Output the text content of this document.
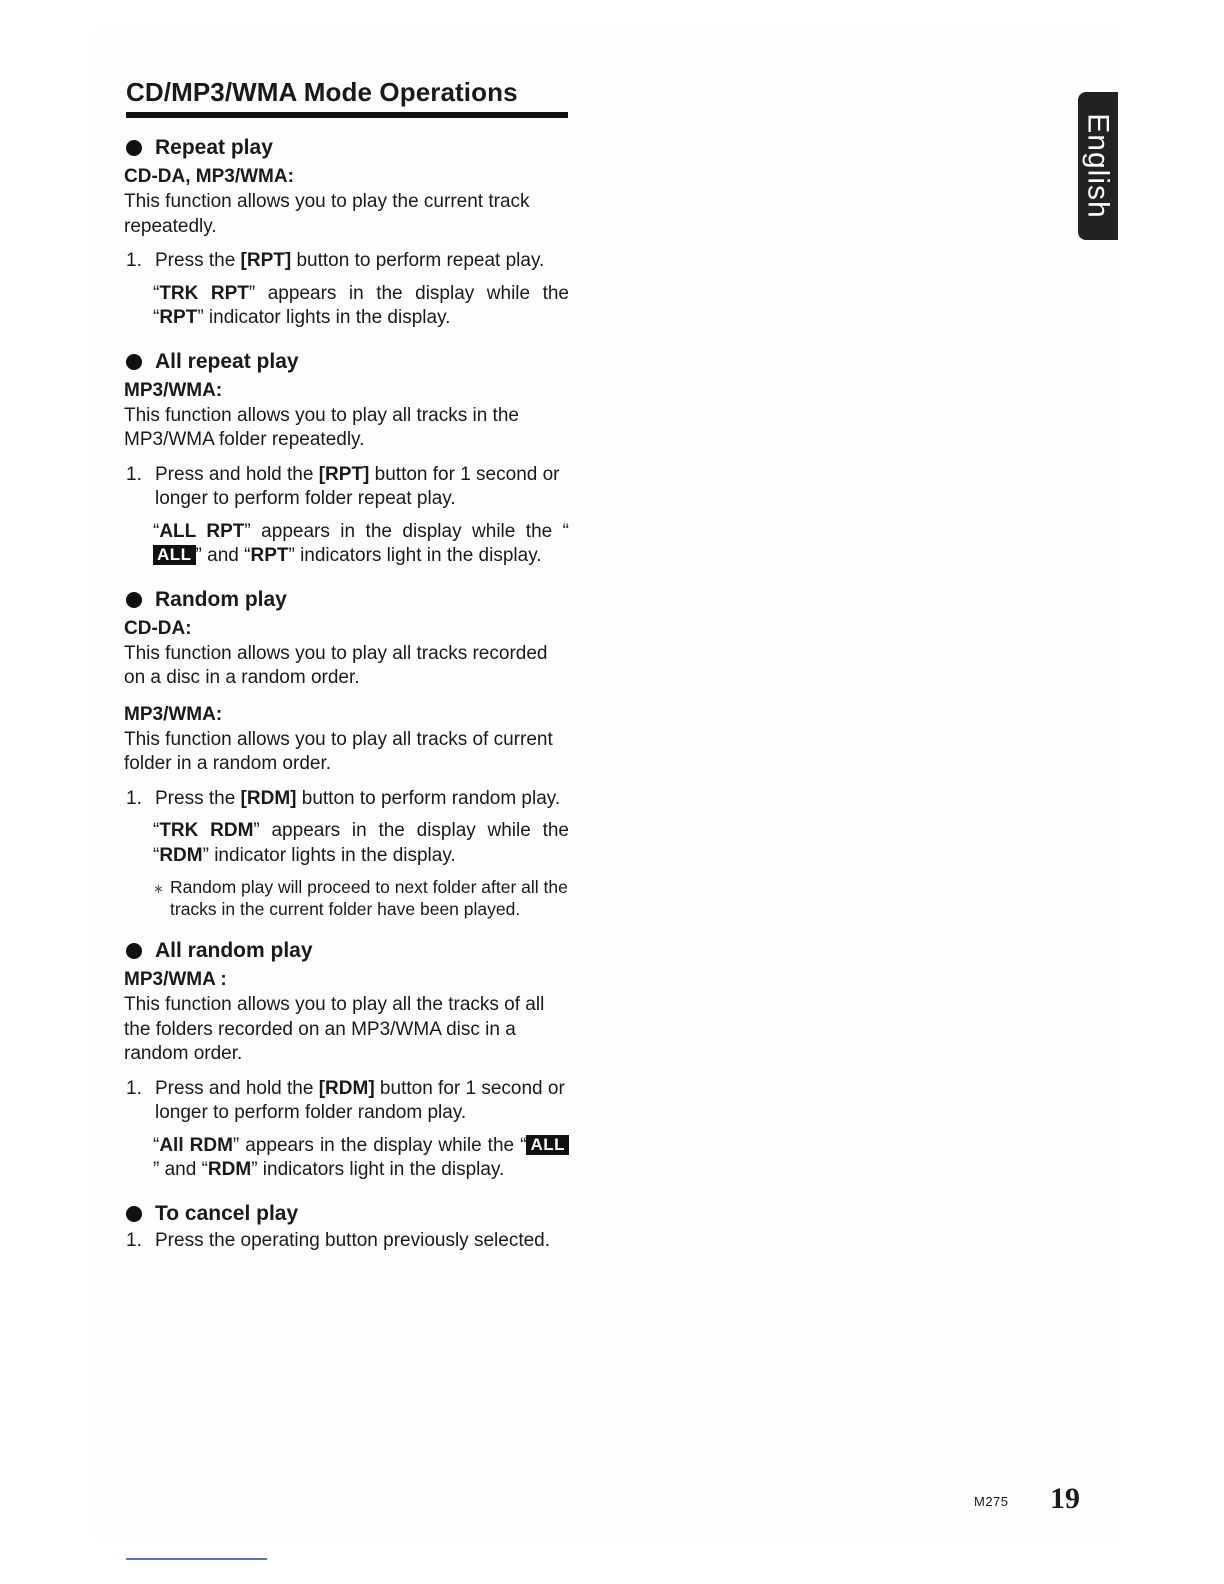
CD/MP3/WMA Mode Operations
Repeat play
CD-DA, MP3/WMA:
This function allows you to play the current track repeatedly.
1. Press the [RPT] button to perform repeat play.
“TRK RPT” appears in the display while the “RPT” indicator lights in the display.
All repeat play
MP3/WMA:
This function allows you to play all tracks in the MP3/WMA folder repeatedly.
1. Press and hold the [RPT] button for 1 second or longer to perform folder repeat play.
“ALL RPT” appears in the display while the “ALL ” and “RPT” indicators light in the display.
Random play
CD-DA:
This function allows you to play all tracks recorded on a disc in a random order.
MP3/WMA:
This function allows you to play all tracks of current folder in a random order.
1. Press the [RDM] button to perform random play.
“TRK RDM” appears in the display while the “RDM” indicator lights in the display.
∗ Random play will proceed to next folder after all the tracks in the current folder have been played.
All random play
MP3/WMA :
This function allows you to play all the tracks of all the folders recorded on an MP3/WMA disc in a random order.
1. Press and hold the [RDM] button for 1 second or longer to perform folder random play.
“All RDM” appears in the display while the “ ALL” and “RDM” indicators light in the display.
To cancel play
1. Press the operating button previously selected.
English
M275 19
